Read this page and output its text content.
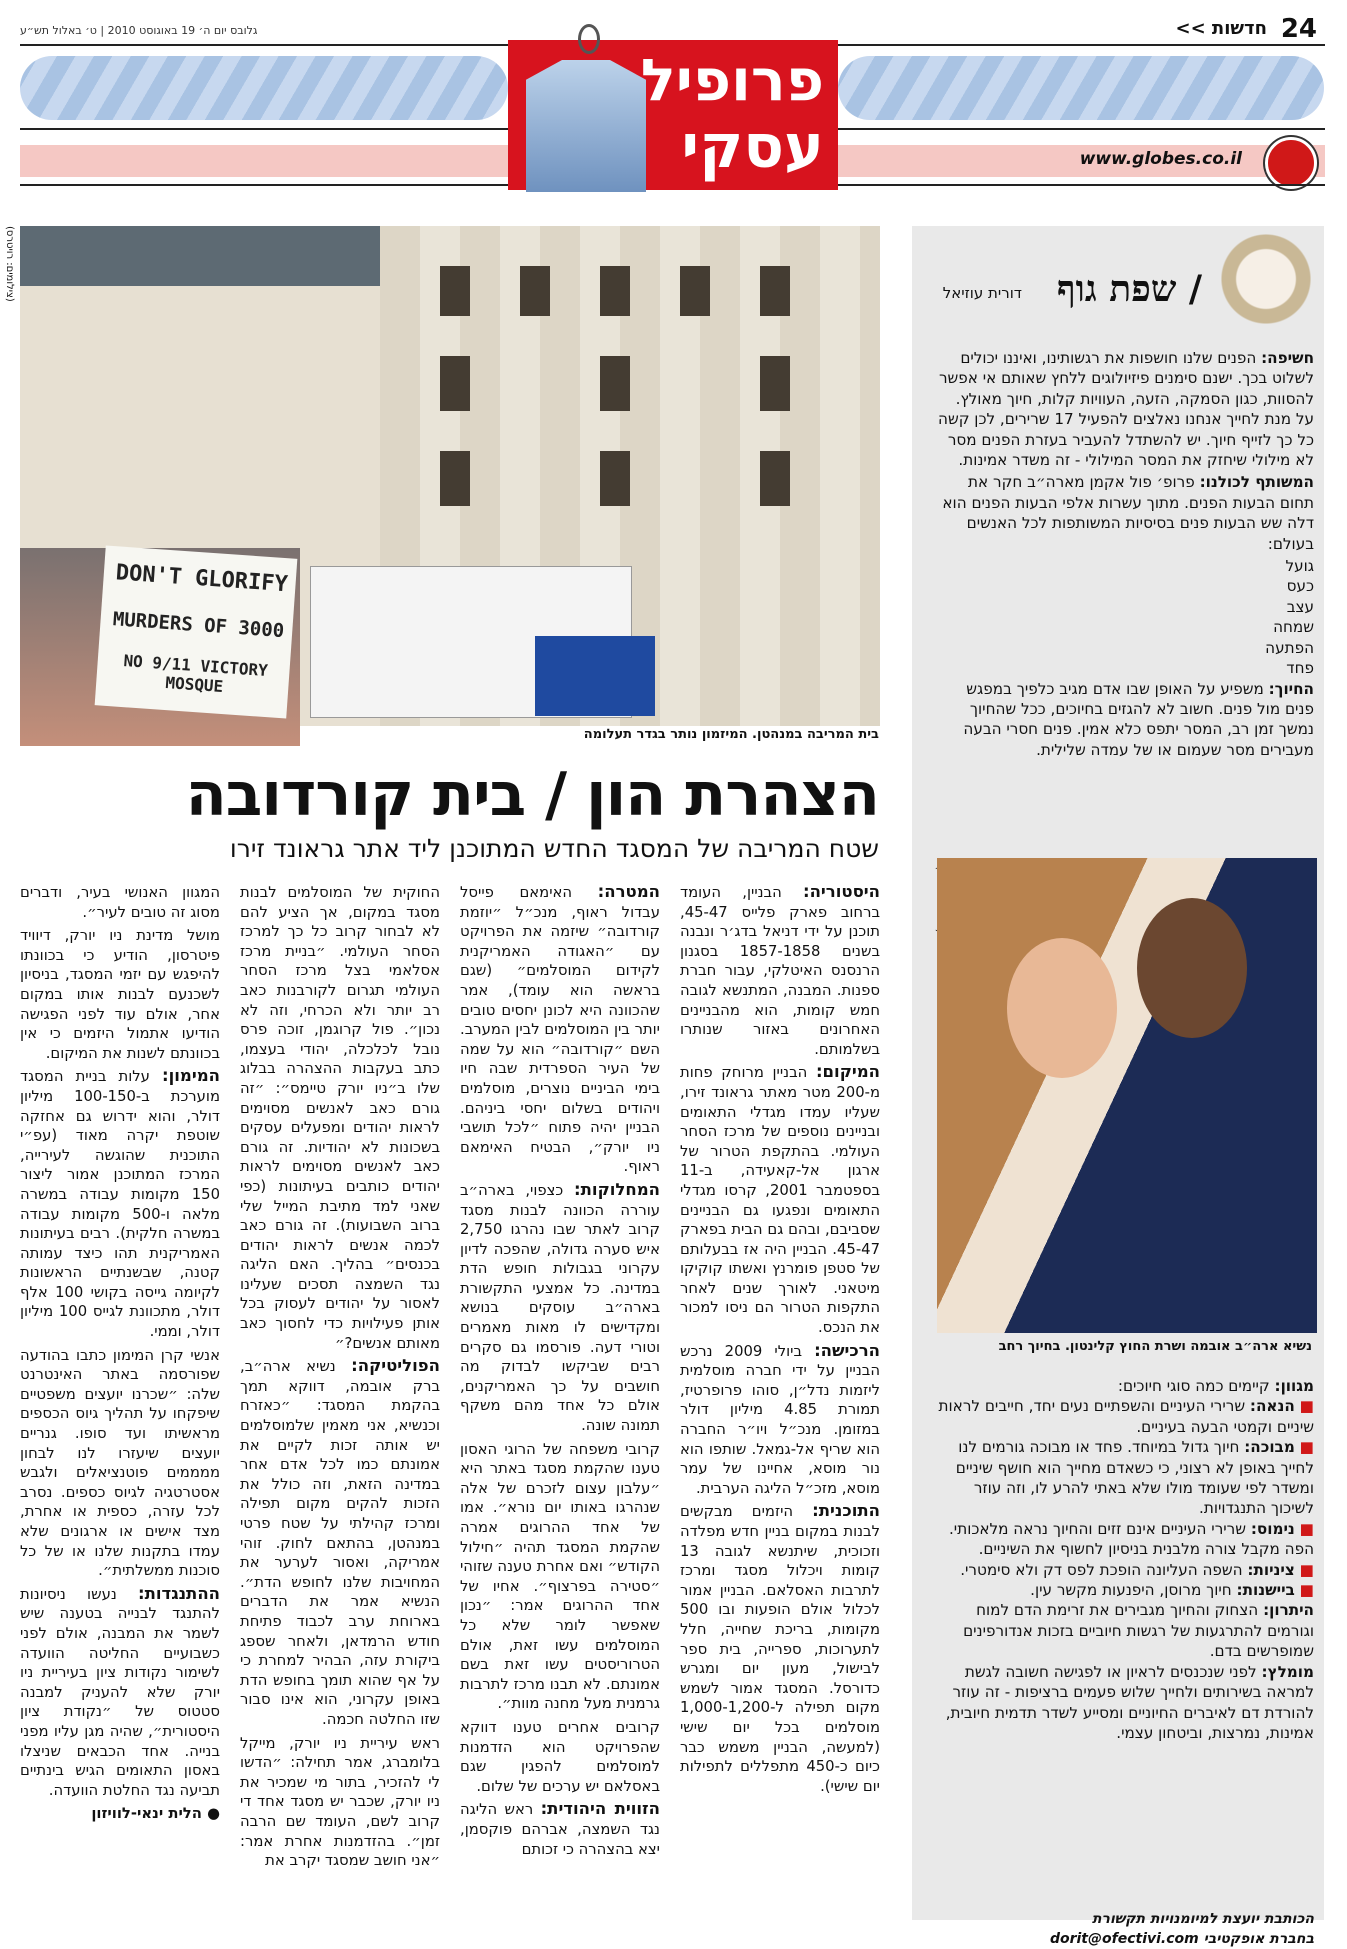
24
<< חדשות
גלובס יום ה׳ 19 באוגוסט 2010 | ט׳ באלול תש״ע
www.globes.co.il
פרופיל
עסקי
(צילומים: רויטרס)
DON'T GLORIFY
MURDERS OF 3000
NO 9/11 VICTORY MOSQUE
בית המריבה במנהטן. המיזמון נותר בגדר תעלומה
הצהרת הון / בית קורדובה
שטח המריבה של המסגד החדש המתוכנן ליד אתר גראונד זירו

היסטוריה: הבניין, העומד ברחוב פארק פלייס 45-47, תוכנן על ידי דניאל בדג׳ר ונבנה בשנים 1857-1858 בסגנון הרנסנס האיטלקי, עבור חברת ספנות. המבנה, המתנשא לגובה חמש קומות, הוא מהבניינים האחרונים באזור שנותרו בשלמותם.

המיקום: הבניין מרוחק פחות מ-200 מטר מאתר גראונד זירו, שעליו עמדו מגדלי התאומים ובניינים נוספים של מרכז הסחר העולמי. בהתקפת הטרור של ארגון אל-קאעידה, ב-11 בספטמבר 2001, קרסו מגדלי התאומים ונפגעו גם הבניינים שסביבם, ובהם גם הבית בפארק 45-47. הבניין היה אז בבעלותם של סטפן פומרנץ ואשתו קוקיקו מיטאני. לאורך שנים לאחר התקפות הטרור הם ניסו למכור את הנכס.

הרכישה: ביולי 2009 נרכש הבניין על ידי חברה מוסלמית ליזמות נדל״ן, סוהו פרופרטיז, תמורת 4.85 מיליון דולר במזומן. מנכ״ל ויו״ר החברה הוא שריף אל-גמאל. שותפו הוא נור מוסא, אחיינו של עמר מוסא, מזכ״ל הליגה הערבית.

התוכנית: היזמים מבקשים לבנות במקום בניין חדש מפלדה וזכוכית, שיתנשא לגובה 13 קומות ויכלול מסגד ומרכז לתרבות האסלאם. הבניין אמור לכלול אולם הופעות ובו 500 מקומות, בריכת שחייה, חלל לתערוכות, ספרייה, בית ספר לבישול, מעון יום ומגרש כדורסל. המסגד אמור לשמש מקום תפילה ל-1,000-1,200 מוסלמים בכל יום שישי (למעשה, הבניין משמש כבר כיום כ-450 מתפללים לתפילות יום שישי).

המטרה: האימאם פייסל עבדול ראוף, מנכ״ל ״יוזמת קורדובה״ שיזמה את הפרויקט עם ״האגודה האמריקנית לקידום המוסלמים״ (שגם בראשה הוא עומד), אמר שהכוונה היא לכונן יחסים טובים יותר בין המוסלמים לבין המערב. השם ״קורדובה״ הוא על שמה של העיר הספרדית שבה חיו בימי הביניים נוצרים, מוסלמים ויהודים בשלום יחסי ביניהם. הבניין יהיה פתוח ״לכל תושבי ניו יורק״, הבטיח האימאם ראוף.

המחלוקות: כצפוי, בארה״ב עוררה הכוונה לבנות מסגד קרוב לאתר שבו נהרגו 2,750 איש סערה גדולה, שהפכה לדיון עקרוני בגבולות חופש הדת במדינה. כל אמצעי התקשורת בארה״ב עוסקים בנושא ומקדישים לו מאות מאמרים וטורי דעה. פורסמו גם סקרים רבים שביקשו לבדוק מה חושבים על כך האמריקנים, אולם כל אחד מהם משקף תמונה שונה.

קרובי משפחה של הרוגי האסון טענו שהקמת מסגד באתר היא ״עלבון עצום לזכרם של אלה שנהרגו באותו יום נורא״. אמו של אחד ההרוגים אמרה שהקמת המסגד תהיה ״חילול הקודש״ ואם אחרת טענה שזוהי ״סטירה בפרצוף״. אחיו של אחד ההרוגים אמר: ״נכון שאפשר לומר שלא כל המוסלמים עשו זאת, אולם הטרוריסטים עשו זאת בשם אמונתם. לא תבנו מרכז לתרבות גרמנית מעל מחנה מוות״.

קרובים אחרים טענו דווקא שהפרויקט הוא הזדמנות למוסלמים להפגין שגם באסלאם יש ערכים של שלום.

הזווית היהודית: ראש הליגה נגד השמצה, אברהם פוקסמן, יצא בהצהרה כי זכותם

החוקית של המוסלמים לבנות מסגד במקום, אך הציע להם לא לבחור קרוב כל כך למרכז הסחר העולמי. ״בניית מרכז אסלאמי בצל מרכז הסחר העולמי תגרום לקורבנות כאב רב יותר ולא הכרחי, וזה לא נכון״. פול קרוגמן, זוכה פרס נובל לכלכלה, יהודי בעצמו, כתב בעקבות ההצהרה בבלוג שלו ב״ניו יורק טיימס״: ״זה גורם כאב לאנשים מסוימים לראות יהודים ומפעלים עסקים בשכונות לא יהודיות. זה גורם כאב לאנשים מסוימים לראות יהודים כותבים בעיתונות (כפי שאני למד מתיבת המייל שלי ברוב השבועות). זה גורם כאב לכמה אנשים לראות יהודים בכנסים״ בהליך. האם הליגה נגד השמצה תסכים שעלינו לאסור על יהודים לעסוק בכל אותן פעילויות כדי לחסוך כאב מאותם אנשים?״

הפוליטיקה: נשיא ארה״ב, ברק אובמה, דווקא תמך בהקמת המסגד: ״כאזרח וכנשיא, אני מאמין שלמוסלמים יש אותה זכות לקיים את אמונתם כמו לכל אדם אחר במדינה הזאת, וזה כולל את הזכות להקים מקום תפילה ומרכז קהילתי על שטח פרטי במנהטן, בהתאם לחוק. זוהי אמריקה, ואסור לערער את המחויבות שלנו לחופש הדת״. הנשיא אמר את הדברים בארוחת ערב לכבוד פתיחת חודש הרמדאן, ולאחר שספג ביקורת עזה, הבהיר למחרת כי על אף שהוא תומך בחופש הדת באופן עקרוני, הוא אינו סבור שזו החלטה חכמה.

ראש עיריית ניו יורק, מייקל בלומברג, אמר תחילה: ״הדשו לי להזכיר, בתור מי שמכיר את ניו יורק, שכבר יש מסגד אחד די קרוב לשם, העומד שם הרבה זמן״. בהזדמנות אחרת אמר: ״אני חושב שמסגד יקרב את

המגוון האנושי בעיר, ודברים מסוג זה טובים לעיר״.

מושל מדינת ניו יורק, דיוויד פיטרסון, הודיע כי בכוונתו להיפגש עם יזמי המסגד, בניסיון לשכנעם לבנות אותו במקום אחר, אולם עוד לפני הפגישה הודיעו אתמול היזמים כי אין בכוונתם לשנות את המיקום.

המימון: עלות בניית המסגד מוערכת ב-100-150 מיליון דולר, והוא ידרוש גם אחזקה שוטפת יקרה מאוד (עפ״י התוכנית שהוגשה לעירייה, המרכז המתוכנן אמור ליצור 150 מקומות עבודה במשרה מלאה ו-500 מקומות עבודה במשרה חלקית). רבים בעיתונות האמריקנית תהו כיצד עמותה קטנה, שבשנתיים הראשונות לקיומה גייסה בקושי 100 אלף דולר, מתכוונת לגייס 100 מיליון דולר, וממי.

אנשי קרן המימון כתבו בהודעה שפורסמה באתר האינטרנט שלה: ״שכרנו יועצים משפטיים שיפקחו על תהליך גיוס הכספים מראשיתו ועד סופו. גנריים יועצים שיעזרו לנו לבחון ממממים פוטנציאלים ולגבש אסטרטגיה לגיוס כספים. נסרב לכל עזרה, כספית או אחרת, מצד אישים או ארגונים שלא עמדו בתקנות שלנו או של כל סוכנות ממשלתית״.

ההתנגדות: נעשו ניסיונות להתנגד לבנייה בטענה שיש לשמר את המבנה, אולם לפני כשבועיים החליטה הוועדה לשימור נקודות ציון בעיריית ניו יורק שלא להעניק למבנה סטטוס של ״נקודת ציון היסטורית״, שהיה מגן עליו מפני בנייה. אחד הכבאים שניצלו באסון התאומים הגיש בינתיים תביעה נגד החלטת הוועדה.

● הלית ינאי-לוויזון

שפת גוף /
דורית עוזיאל

חשיפה: הפנים שלנו חושפות את רגשותינו, ואיננו יכולים לשלוט בכך. ישנם סימנים פיזיולוגים ללחץ שאותם אי אפשר להסוות, כגון הסמקה, הזעה, העוויות קלות, חיוך מאולץ. על מנת לחייך אנחנו נאלצים להפעיל 17 שרירים, לכן קשה כל כך לזייף חיוך. יש להשתדל להעביר בעזרת הפנים מסר לא מילולי שיחזק את המסר המילולי - זה משדר אמינות.

המשותף לכולנו: פרופ׳ פול אקמן מארה״ב חקר את תחום הבעות הפנים. מתוך עשרות אלפי הבעות הפנים הוא דלה שש הבעות פנים בסיסיות המשותפות לכל האנשים בעולם:

גועל
כעס
עצב
שמחה
הפתעה
פחד

החיוך: משפיע על האופן שבו אדם מגיב כלפיך במפגש פנים מול פנים. חשוב לא להגזים בחיוכים, ככל שהחיוך נמשך זמן רב, המסר יתפס כלא אמין. פנים חסרי הבעה מעבירים מסר שעמום או של עמדה שלילית.

נשיא ארה״ב אובמה ושרת החוץ קלינטון. בחיוך רחב

מגוון: קיימים כמה סוגי חיוכים:

■ הנאה: שרירי העיניים והשפתיים נעים יחד, חייבים לראות שיניים וקמטי הבעה בעיניים.

■ מבוכה: חיוך גדול במיוחד. פחד או מבוכה גורמים לנו לחייך באופן לא רצוני, כי כשאדם מחייך הוא חושף שיניים ומשדר לפי שעומד מולו שלא באתי להרע לו, וזה עוזר לשיכוך התנגדויות.

■ נימוס: שרירי העיניים אינם זזים והחיוך נראה מלאכותי. הפה מקבל צורה מלבנית בניסיון לחשוף את השיניים.

■ ציניות: השפה העליונה הופכת לפס דק ולא סימטרי.

■ ביישנות: חיוך מרוסן, היפנעות מקשר עין.

היתרון: הצחוק והחיוך מגבירים את זרימת הדם למוח וגורמים להתרגעות של רגשות חיוביים בזכות אנדורפינים שמופרשים בדם.

מומלץ: לפני שנכנסים לראיון או לפגישה חשובה לגשת למראה בשירותים ולחייך שלוש פעמים ברציפות - זה עוזר להורדת דם לאיברים החיוניים ומסייע לשדר תדמית חיובית, אמינות, נמרצות, וביטחון עצמי.

הכותבת יועצת למיומנויות תקשורת
בחברת אופקטיבי dorit@ofectivi.com
